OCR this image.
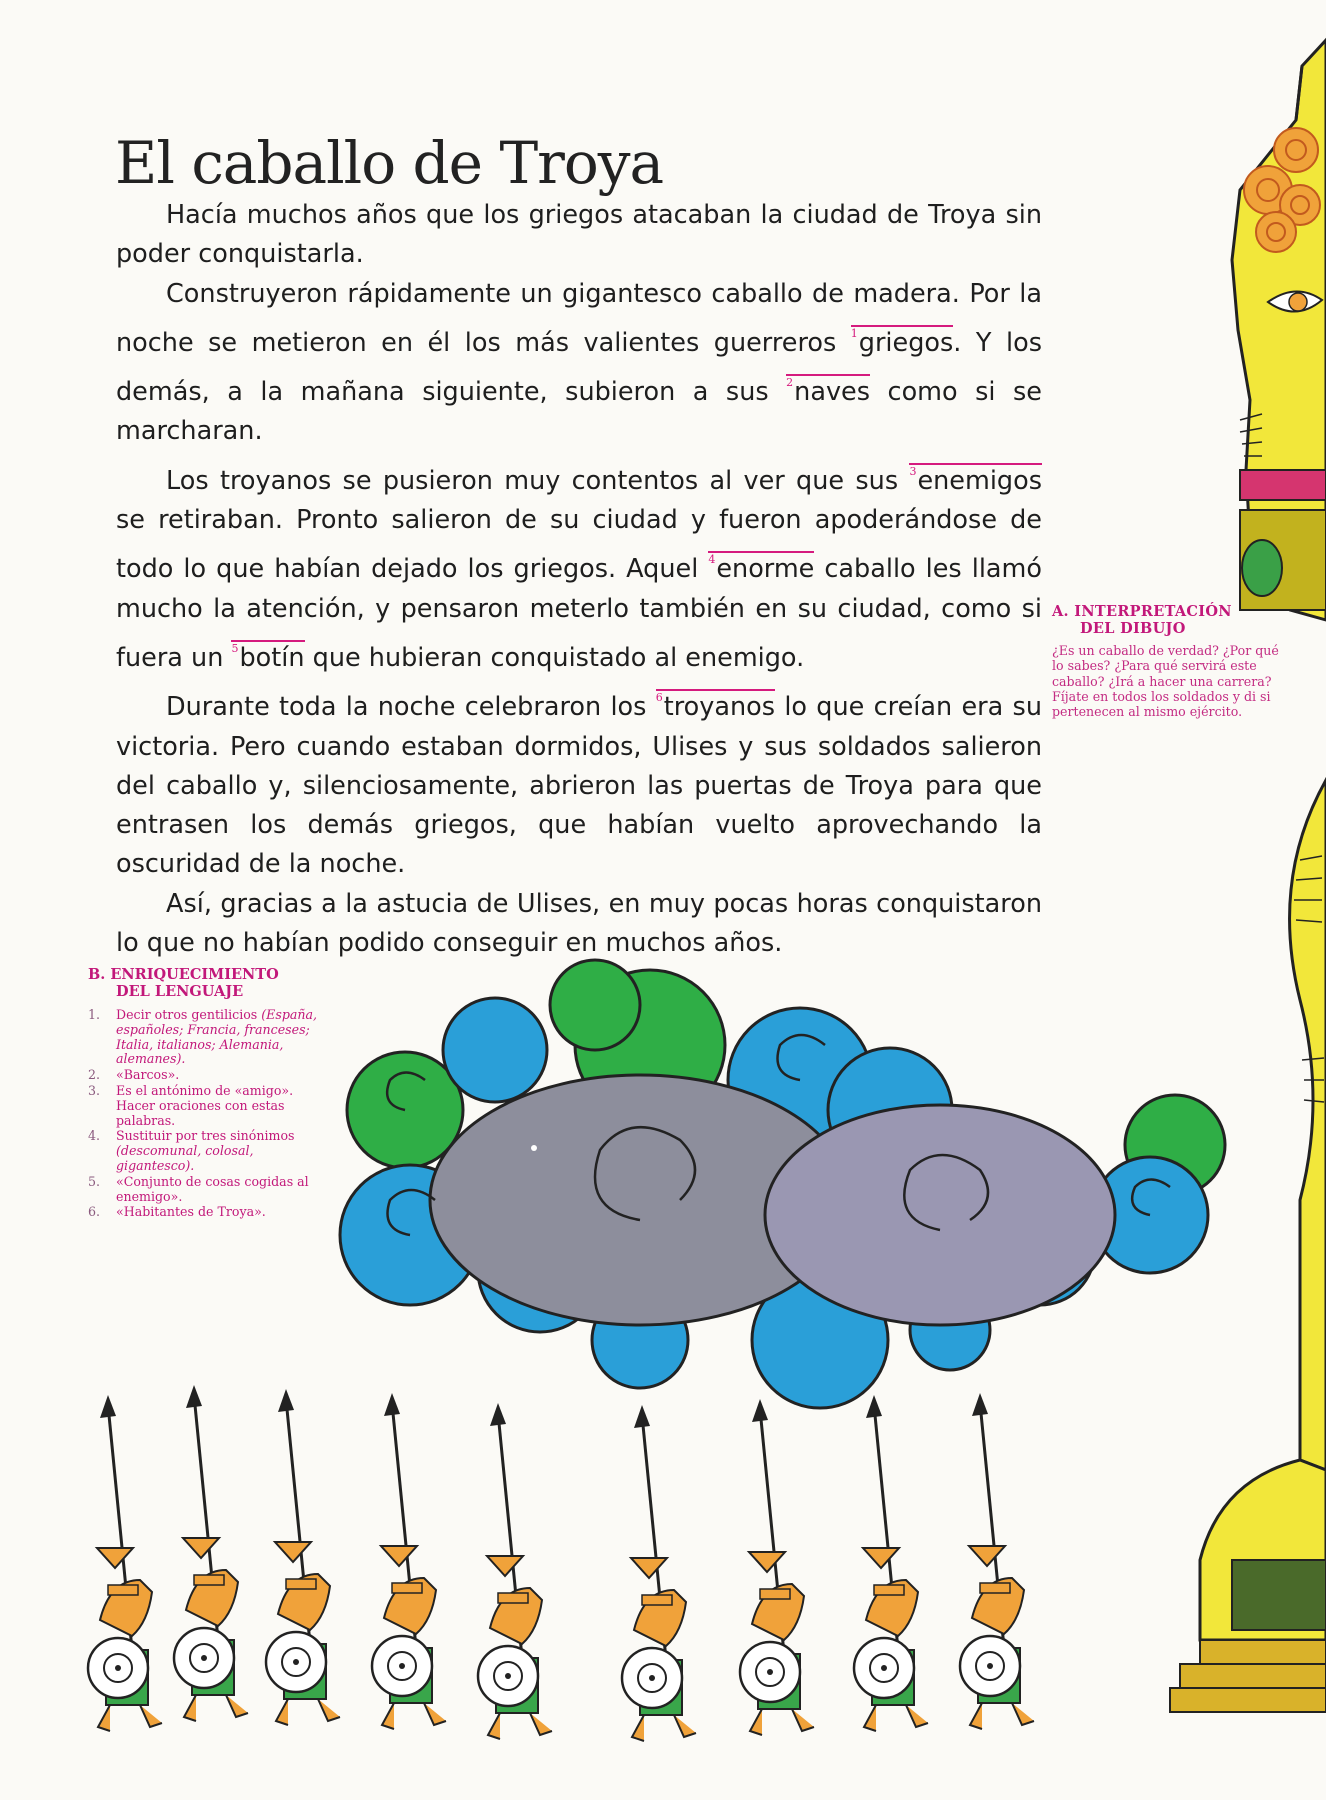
El caballo de Troya

Hacía muchos años que los griegos atacaban la ciudad de Troya sin poder conquistarla.

Construyeron rápidamente un gigantesco caballo de madera. Por la noche se metieron en él los más valientes guerreros $^1$griegos. Y los demás, a la mañana siguiente, subieron a sus $^2$naves como si se marcharan.

Los troyanos se pusieron muy contentos al ver que sus $^3$enemigos se retiraban. Pronto salieron de su ciudad y fueron apoderándose de todo lo que habían dejado los griegos. Aquel $^4$enorme caballo les llamó mucho la atención, y pensaron meterlo también en su ciudad, como si fuera un $^5$botín que hubieran conquistado al enemigo.

Durante toda la noche celebraron los $^6$troyanos lo que creían era su victoria. Pero cuando estaban dormidos, Ulises y sus soldados salieron del caballo y, silenciosamente, abrieron las puertas de Troya para que entrasen los demás griegos, que habían vuelto aprovechando la oscuridad de la noche.

Así, gracias a la astucia de Ulises, en muy pocas horas conquistaron lo que no habían podido conseguir en muchos años.

A. INTERPRETACIÓN
DEL DIBUJO
¿Es un caballo de verdad? ¿Por qué lo sabes? ¿Para qué servirá este caballo? ¿Irá a hacer una carrera? Fíjate en todos los soldados y di si pertenecen al mismo ejército.
B. ENRIQUECIMIENTO
DEL LENGUAJE
1. Decir otros gentilicios (España, españoles; Francia, franceses; Italia, italianos; Alemania, alemanes).
2. «Barcos».
3. Es el antónimo de «amigo». Hacer oraciones con estas palabras.
4. Sustituir por tres sinónimos (descomunal, colosal, gigantesco).
5. «Conjunto de cosas cogidas al enemigo».
6. «Habitantes de Troya».
